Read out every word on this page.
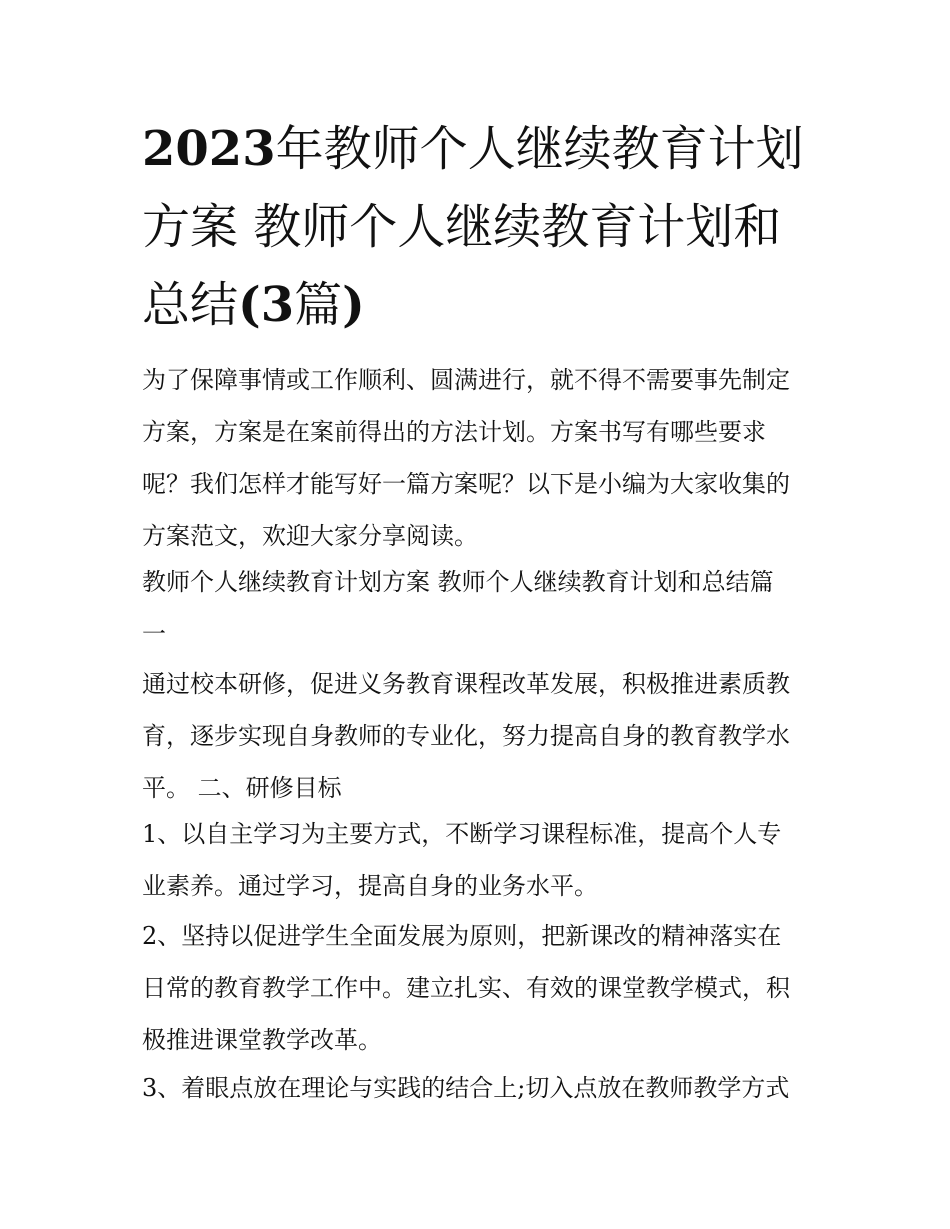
2023年教师个人继续教育计划
方案 教师个人继续教育计划和
总结(3篇)

为了保障事情或工作顺利、圆满进行，就不得不需要事先制定
方案，方案是在案前得出的方法计划。方案书写有哪些要求
呢？我们怎样才能写好一篇方案呢？以下是小编为大家收集的
方案范文，欢迎大家分享阅读。

教师个人继续教育计划方案 教师个人继续教育计划和总结篇
一

通过校本研修，促进义务教育课程改革发展，积极推进素质教
育，逐步实现自身教师的专业化，努力提高自身的教育教学水
平。 二、研修目标

1、以自主学习为主要方式，不断学习课程标准，提高个人专
业素养。通过学习，提高自身的业务水平。

2、坚持以促进学生全面发展为原则，把新课改的精神落实在
日常的教育教学工作中。建立扎实、有效的课堂教学模式，积
极推进课堂教学改革。

3、着眼点放在理论与实践的结合上;切入点放在教师教学方式
